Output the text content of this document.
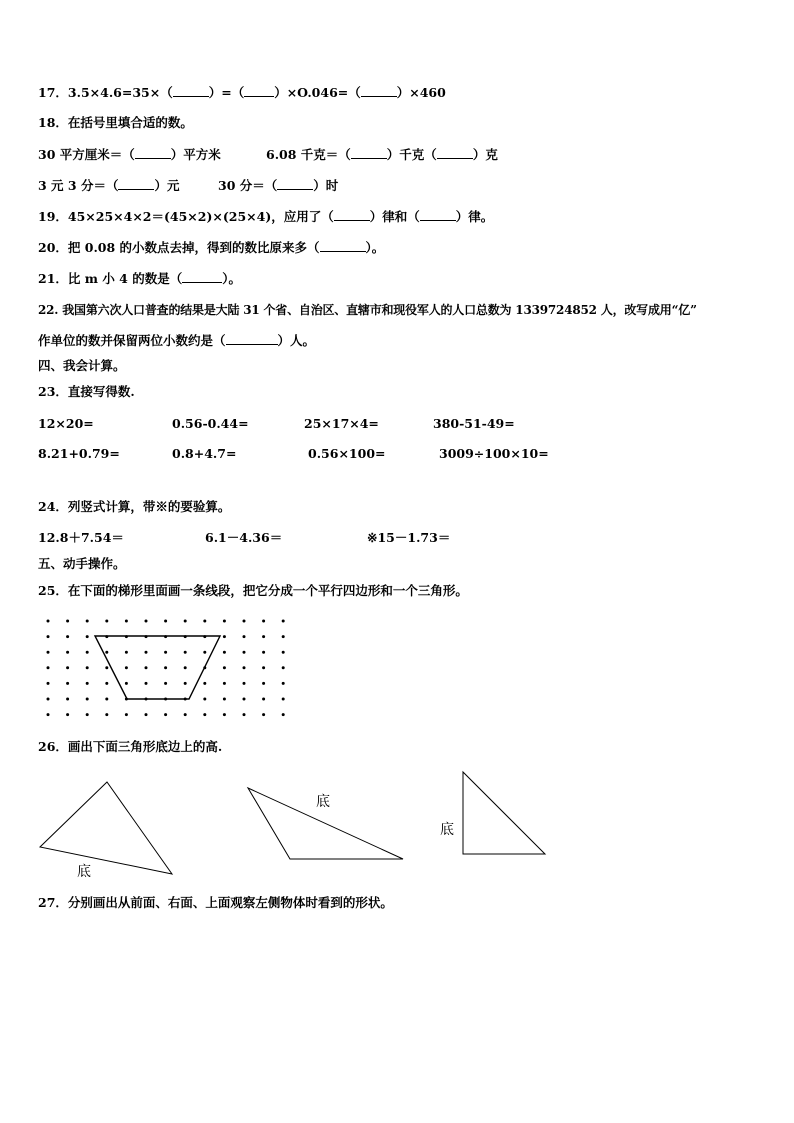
17．3.5×4.6=35×（	）=（ ）×O.046=（	）×460
18．在括号里填合适的数。
30 平方厘米＝（	）平方米	6.08 千克＝（	）千克（	）克
3 元 3 分＝（	）元	30 分＝（	）时
19．45×25×4×2＝(45×2)×(25×4)，应用了（	）律和（	）律。
20．把 0.08 的小数点去掉，得到的数比原来多（	）。
21．比 m 小 4 的数是（	）。
22. 我国第六次人口普查的结果是大陆 31 个省、自治区、直辖市和现役军人的人口总数为 1339724852 人，改写成用“亿”
作单位的数并保留两位小数约是（	）人。
四、我会计算。
23．直接写得数.
12×20=	0.56-0.44=	25×17×4=	380-51-49=
8.21+0.79=	0.8+4.7=	0.56×100=	3009÷100×10=
24．列竖式计算，带※的要验算。
12.8＋7.54＝	6.1－4.36＝	※15－1.73＝
五、动手操作。
25．在下面的梯形里面画一条线段，把它分成一个平行四边形和一个三角形。
26．画出下面三角形底边上的高.
底
底
底
27．分别画出从前面、右面、上面观察左侧物体时看到的形状。
